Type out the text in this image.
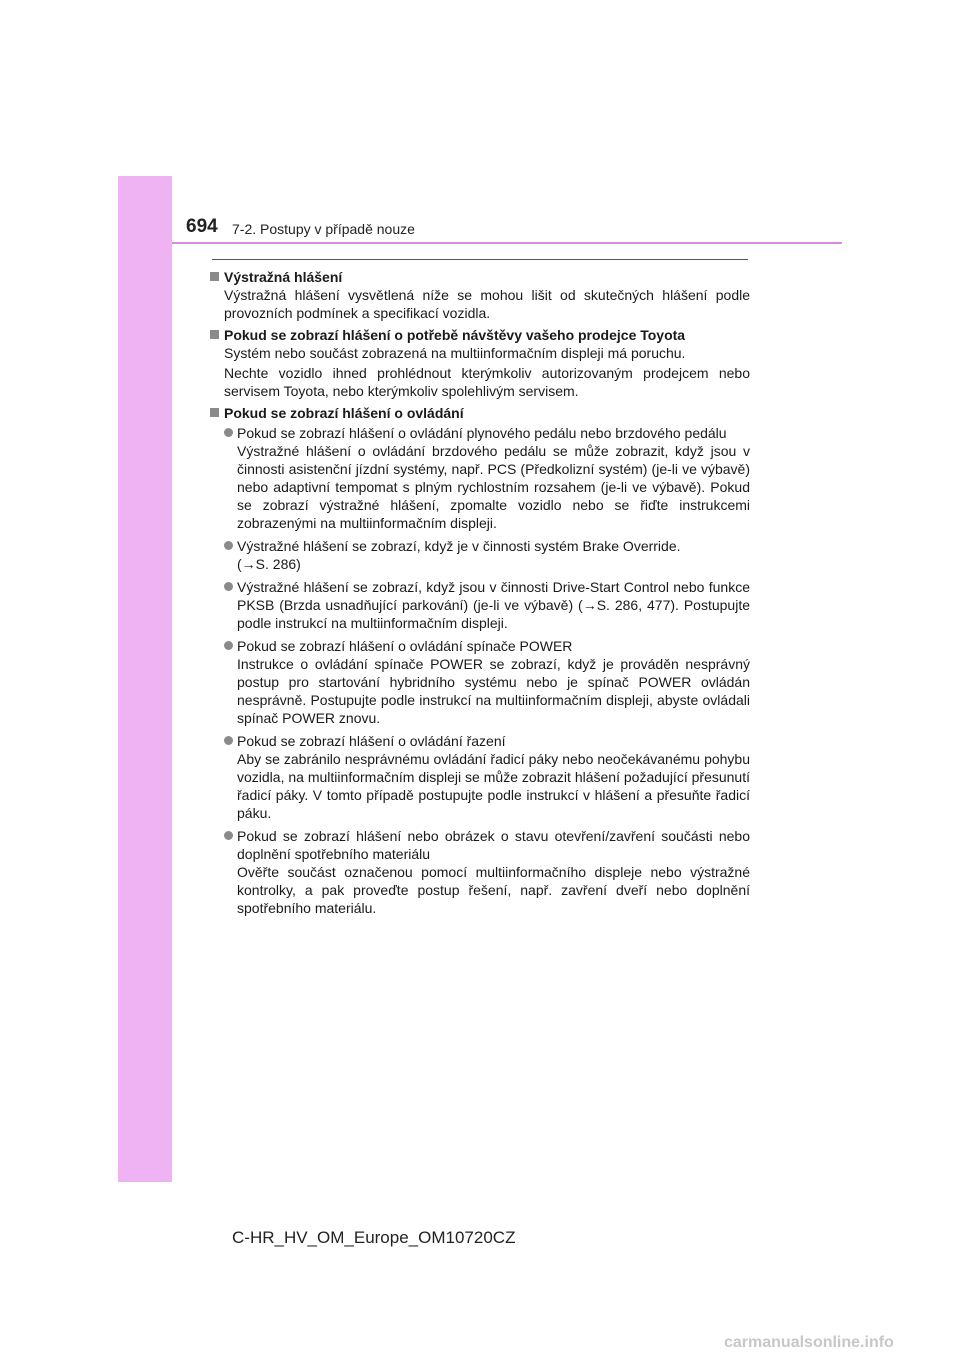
694 7-2. Postupy v případě nouze
Výstražná hlášení
Výstražná hlášení vysvětlená níže se mohou lišit od skutečných hlášení podle provozních podmínek a specifikací vozidla.
Pokud se zobrazí hlášení o potřebě návštěvy vašeho prodejce Toyota
Systém nebo součást zobrazená na multiinformačním displeji má poruchu.
Nechte vozidlo ihned prohlédnout kterýmkoliv autorizovaným prodejcem nebo servisem Toyota, nebo kterýmkoliv spolehlivým servisem.
Pokud se zobrazí hlášení o ovládání
Pokud se zobrazí hlášení o ovládání plynového pedálu nebo brzdového pedálu
Výstražné hlášení o ovládání brzdového pedálu se může zobrazit, když jsou v činnosti asistenční jízdní systémy, např. PCS (Předkolizní systém) (je-li ve výbavě) nebo adaptivní tempomat s plným rychlostním rozsahem (je-li ve výbavě). Pokud se zobrazí výstražné hlášení, zpomalte vozidlo nebo se řiďte instrukcemi zobrazenými na multiinformačním displeji.
Výstražné hlášení se zobrazí, když je v činnosti systém Brake Override.
(→S. 286)
Výstražné hlášení se zobrazí, když jsou v činnosti Drive-Start Control nebo funkce PKSB (Brzda usnadňující parkování) (je-li ve výbavě) (→S. 286, 477). Postupujte podle instrukcí na multiinformačním displeji.
Pokud se zobrazí hlášení o ovládání spínače POWER
Instrukce o ovládání spínače POWER se zobrazí, když je prováděn nesprávný postup pro startování hybridního systému nebo je spínač POWER ovládán nesprávně. Postupujte podle instrukcí na multiinformačním displeji, abyste ovládali spínač POWER znovu.
Pokud se zobrazí hlášení o ovládání řazení
Aby se zabránilo nesprávnému ovládání řadicí páky nebo neočekávanému pohybu vozidla, na multiinformačním displeji se může zobrazit hlášení požadující přesunutí řadicí páky. V tomto případě postupujte podle instrukcí v hlášení a přesuňte řadicí páku.
Pokud se zobrazí hlášení nebo obrázek o stavu otevření/zavření součásti nebo doplnění spotřebního materiálu
Ověřte součást označenou pomocí multiinformačního displeje nebo výstražné kontrolky, a pak proveďte postup řešení, např. zavření dveří nebo doplnění spotřebního materiálu.
C-HR_HV_OM_Europe_OM10720CZ
carmanualsonline.info
